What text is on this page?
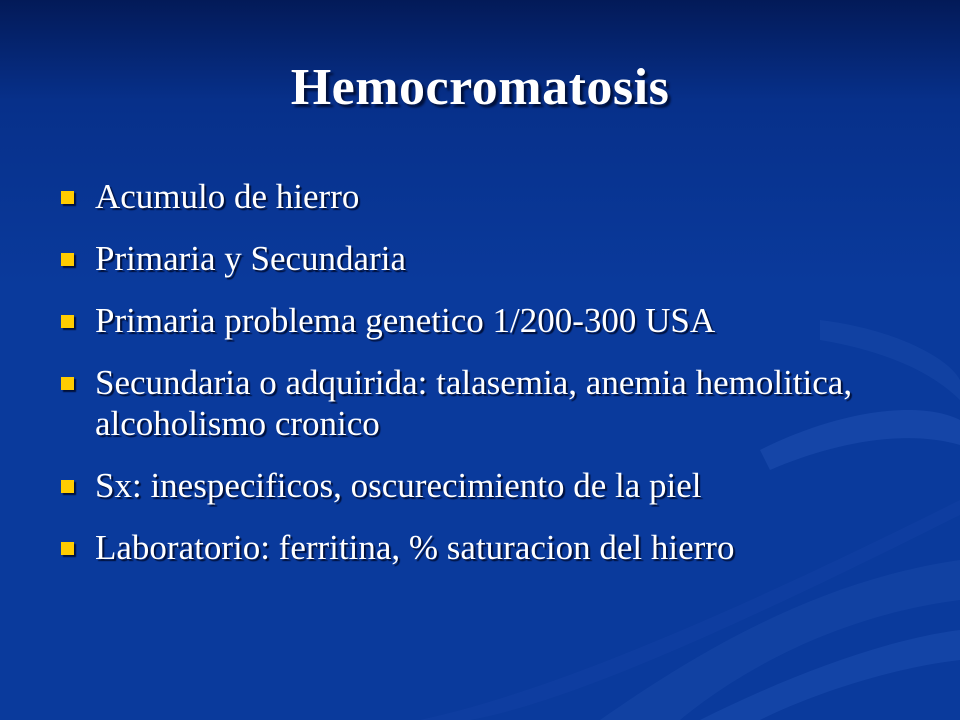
Hemocromatosis
Acumulo de hierro
Primaria y Secundaria
Primaria problema genetico 1/200-300 USA
Secundaria o adquirida: talasemia, anemia hemolitica, alcoholismo cronico
Sx: inespecificos, oscurecimiento de la piel
Laboratorio: ferritina, % saturacion del hierro
